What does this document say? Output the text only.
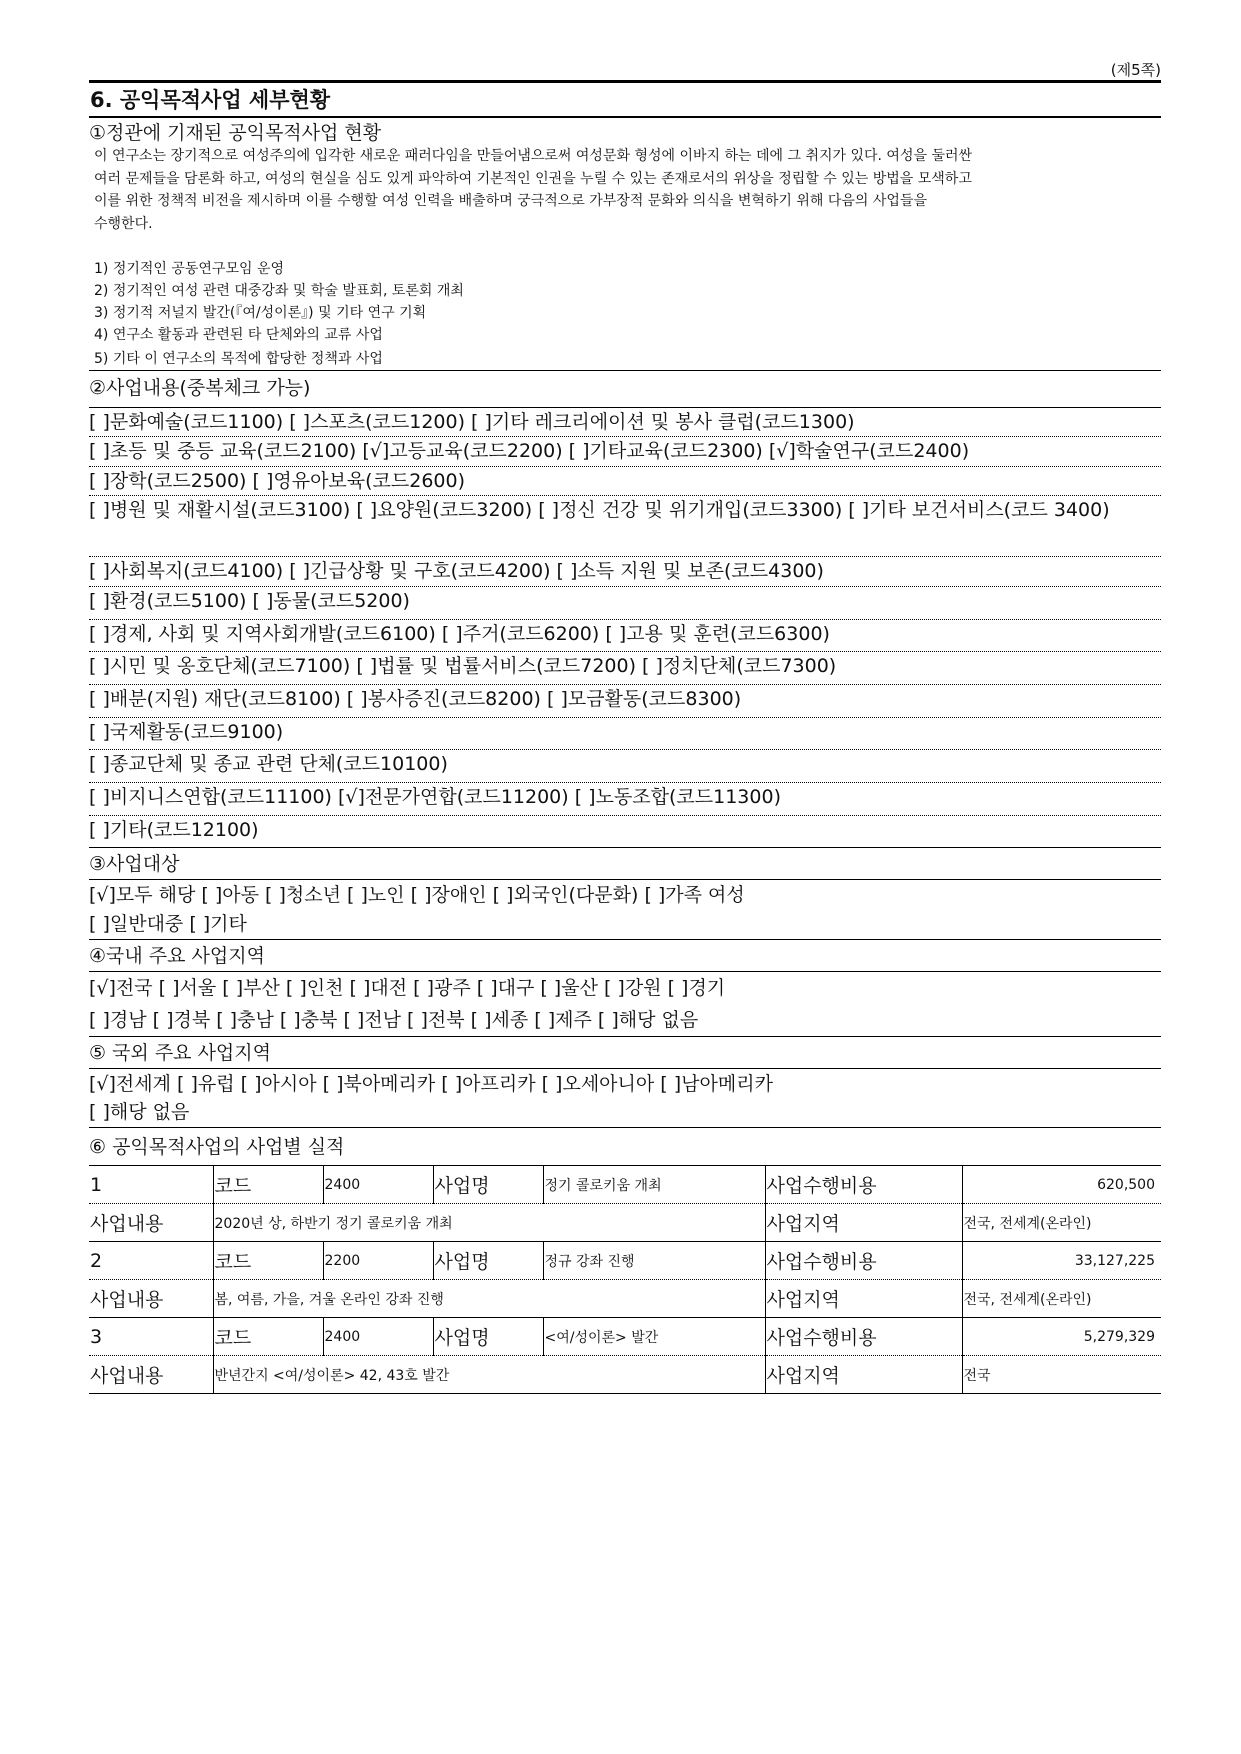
(제5쪽)
6. 공익목적사업 세부현황
①정관에 기재된 공익목적사업 현황
이 연구소는 장기적으로 여성주의에 입각한 새로운 패러다임을 만들어냄으로써 여성문화 형성에 이바지 하는 데에 그 취지가 있다. 여성을 둘러싼
여러 문제들을 담론화 하고, 여성의 현실을 심도 있게 파악하여 기본적인 인권을 누릴 수 있는 존재로서의 위상을 정립할 수 있는 방법을 모색하고
이를 위한 정책적 비전을 제시하며 이를 수행할 여성 인력을 배출하며 궁극적으로 가부장적 문화와 의식을 변혁하기 위해 다음의 사업들을
수행한다.
1) 정기적인 공동연구모임 운영
2) 정기적인 여성 관련 대중강좌 및 학술 발표회, 토론회 개최
3) 정기적 저널지 발간(『여/성이론』) 및 기타 연구 기획
4) 연구소 활동과 관련된 타 단체와의 교류 사업
5) 기타 이 연구소의 목적에 합당한 정책과 사업
②사업내용(중복체크 가능)
[ ]문화예술(코드1100) [ ]스포츠(코드1200) [ ]기타 레크리에이션 및 봉사 클럽(코드1300)
[ ]초등 및 중등 교육(코드2100) [√]고등교육(코드2200) [ ]기타교육(코드2300) [√]학술연구(코드2400)
[ ]장학(코드2500) [ ]영유아보육(코드2600)
[ ]병원 및 재활시설(코드3100) [ ]요양원(코드3200) [ ]정신 건강 및 위기개입(코드3300) [ ]기타 보건서비스(코드 3400)
[ ]사회복지(코드4100) [ ]긴급상황 및 구호(코드4200) [ ]소득 지원 및 보존(코드4300)
[ ]환경(코드5100) [ ]동물(코드5200)
[ ]경제, 사회 및 지역사회개발(코드6100) [ ]주거(코드6200) [ ]고용 및 훈련(코드6300)
[ ]시민 및 옹호단체(코드7100) [ ]법률 및 법률서비스(코드7200) [ ]정치단체(코드7300)
[ ]배분(지원) 재단(코드8100) [ ]봉사증진(코드8200) [ ]모금활동(코드8300)
[ ]국제활동(코드9100)
[ ]종교단체 및 종교 관련 단체(코드10100)
[ ]비지니스연합(코드11100) [√]전문가연합(코드11200) [ ]노동조합(코드11300)
[ ]기타(코드12100)
③사업대상
[√]모두 해당 [ ]아동 [ ]청소년 [ ]노인 [ ]장애인 [ ]외국인(다문화) [ ]가족 여성
[ ]일반대중 [ ]기타
④국내 주요 사업지역
[√]전국 [ ]서울 [ ]부산 [ ]인천 [ ]대전 [ ]광주 [ ]대구 [ ]울산 [ ]강원 [ ]경기
[ ]경남 [ ]경북 [ ]충남 [ ]충북 [ ]전남 [ ]전북 [ ]세종 [ ]제주 [ ]해당 없음
⑤ 국외 주요 사업지역
[√]전세계 [ ]유럽 [ ]아시아 [ ]북아메리카 [ ]아프리카 [ ]오세아니아 [ ]남아메리카
[ ]해당 없음
⑥ 공익목적사업의 사업별 실적
1	코드	2400	사업명	정기 콜로키움 개최	사업수행비용	620,500
사업내용	2020년 상, 하반기 정기 콜로키움 개최				사업지역	전국, 전세계(온라인)
2	코드	2200	사업명	정규 강좌 진행	사업수행비용	33,127,225
사업내용	봄, 여름, 가을, 겨울 온라인 강좌 진행				사업지역	전국, 전세계(온라인)
3	코드	2400	사업명	<여/성이론> 발간	사업수행비용	5,279,329
사업내용	반년간지 <여/성이론> 42, 43호 발간				사업지역	전국
